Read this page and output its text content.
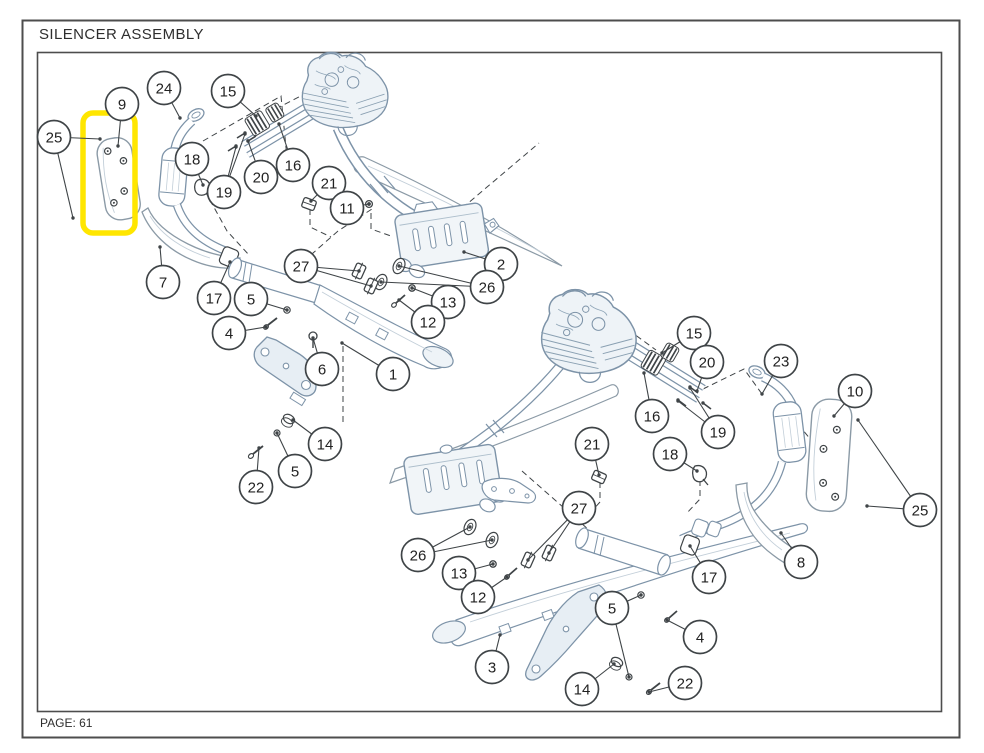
25
9
24	15
18
19
20
16
21
11
2
27
26
13
12
1
6
4
5
17
7
14
5
22
15
20	23
10
16
19
21
18
25
27
26
13
12
17
8
5
4
3
14	22
SILENCER ASSEMBLY
PAGE: 61
